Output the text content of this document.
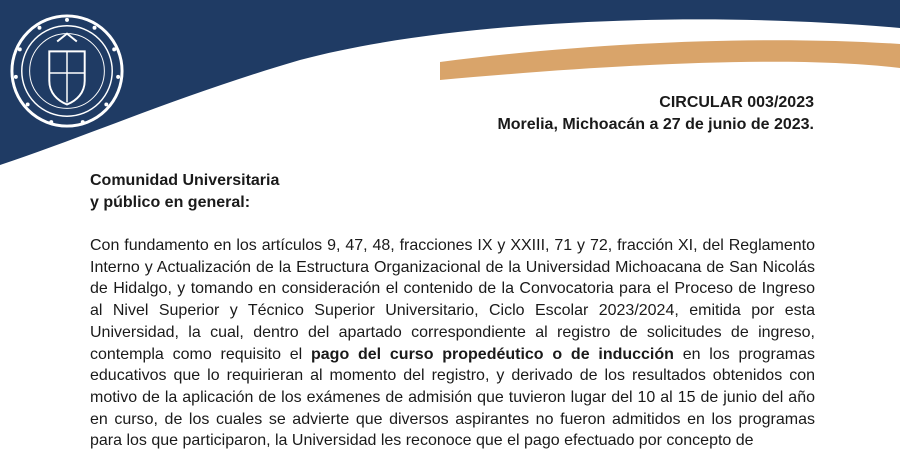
CIRCULAR 003/2023
Morelia, Michoacán a 27 de junio de 2023.
Comunidad Universitaria
y público en general:
Con fundamento en los artículos 9, 47, 48, fracciones IX y XXIII, 71 y 72, fracción XI, del Reglamento Interno y Actualización de la Estructura Organizacional de la Universidad Michoacana de San Nicolás de Hidalgo, y tomando en consideración el contenido de la Convocatoria para el Proceso de Ingreso al Nivel Superior y Técnico Superior Universitario, Ciclo Escolar 2023/2024, emitida por esta Universidad, la cual, dentro del apartado correspondiente al registro de solicitudes de ingreso, contempla como requisito el pago del curso propedéutico o de inducción en los programas educativos que lo requirieran al momento del registro, y derivado de los resultados obtenidos con motivo de la aplicación de los exámenes de admisión que tuvieron lugar del 10 al 15 de junio del año en curso, de los cuales se advierte que diversos aspirantes no fueron admitidos en los programas para los que participaron, la Universidad les reconoce que el pago efectuado por concepto de
